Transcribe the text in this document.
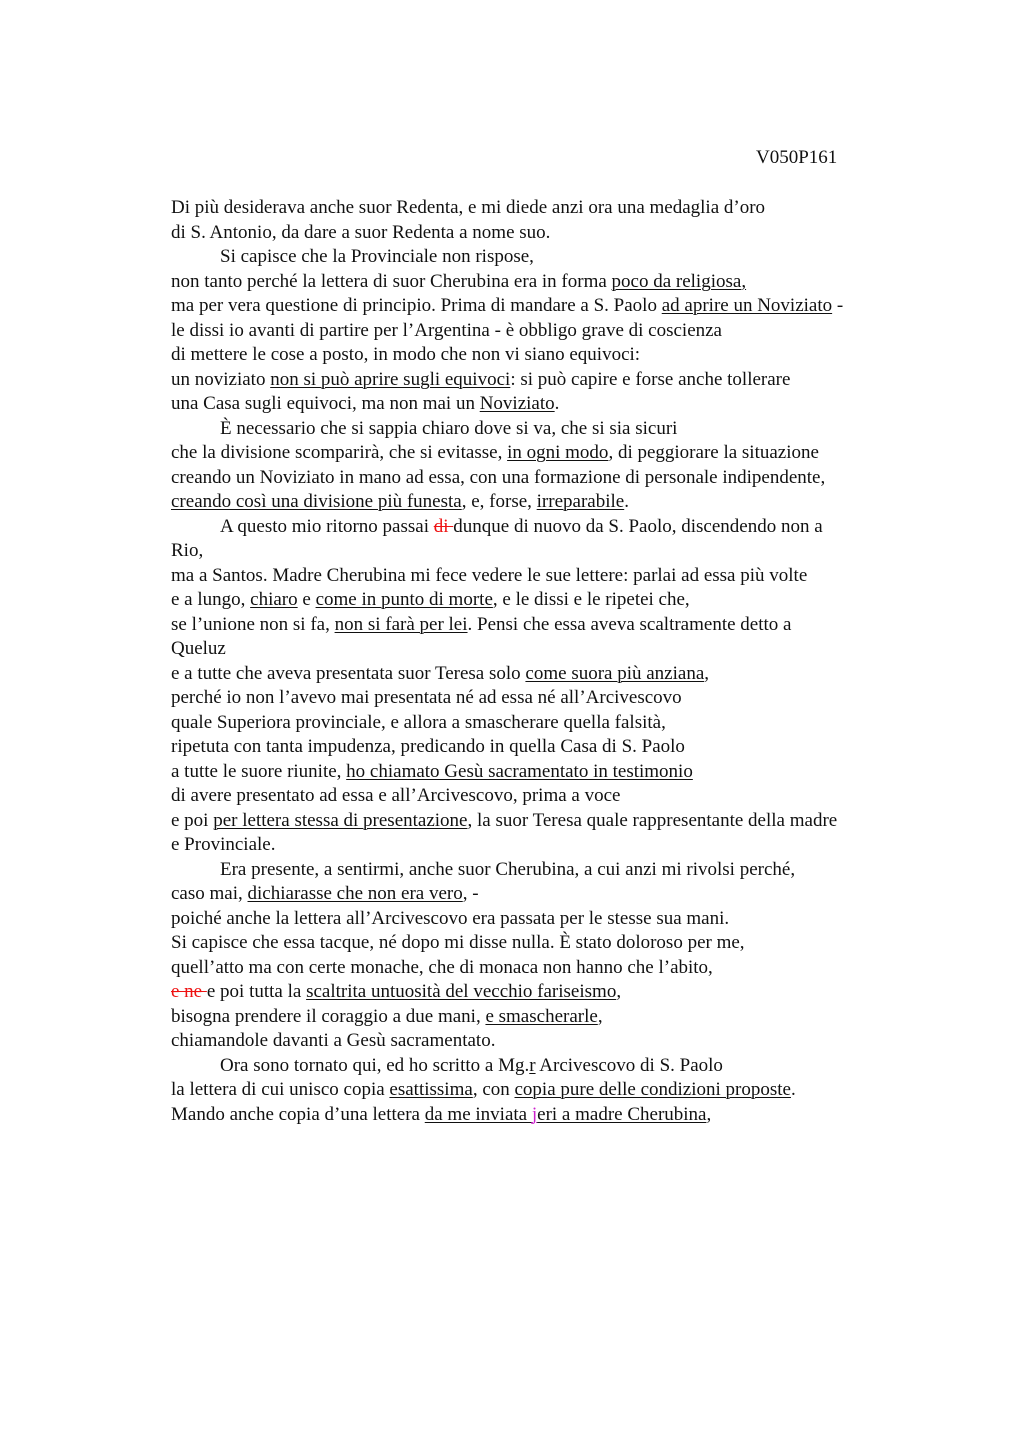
V050P161
Di più desiderava anche suor Redenta, e mi diede anzi ora una medaglia d’oro
di S. Antonio, da dare a suor Redenta a nome suo.
Si capisce che la Provinciale non rispose,
non tanto perché la lettera di suor Cherubina era in forma poco da religiosa,
ma per vera questione di principio. Prima di mandare a S. Paolo ad aprire un Noviziato -
le dissi io avanti di partire per l’Argentina - è obbligo grave di coscienza
di mettere le cose a posto, in modo che non vi siano equivoci:
un noviziato non si può aprire sugli equivoci: si può capire e forse anche tollerare
una Casa sugli equivoci, ma non mai un Noviziato.
È necessario che si sappia chiaro dove si va, che si sia sicuri
che la divisione scomparirà, che si evitasse, in ogni modo, di peggiorare la situazione
creando un Noviziato in mano ad essa, con una formazione di personale indipendente,
creando così una divisione più funesta, e, forse, irreparabile.
A questo mio ritorno passai di dunque di nuovo da S. Paolo, discendendo non a
Rio,
ma a Santos. Madre Cherubina mi fece vedere le sue lettere: parlai ad essa più volte
e a lungo, chiaro e come in punto di morte, e le dissi e le ripetei che,
se l’unione non si fa, non si farà per lei. Pensi che essa aveva scaltramente detto a
Queluz
e a tutte che aveva presentata suor Teresa solo come suora più anziana,
perché io non l’avevo mai presentata né ad essa né all’Arcivescovo
quale Superiora provinciale, e allora a smascherare quella falsità,
ripetuta con tanta impudenza, predicando in quella Casa di S. Paolo
a tutte le suore riunite, ho chiamato Gesù sacramentato in testimonio
di avere presentato ad essa e all’Arcivescovo, prima a voce
e poi per lettera stessa di presentazione, la suor Teresa quale rappresentante della madre
e Provinciale.
Era presente, a sentirmi, anche suor Cherubina, a cui anzi mi rivolsi perché,
caso mai, dichiarasse che non era vero, -
poiché anche la lettera all’Arcivescovo era passata per le stesse sua mani.
Si capisce che essa tacque, né dopo mi disse nulla. È stato doloroso per me,
quell’atto ma con certe monache, che di monaca non hanno che l’abito,
e ne e poi tutta la scaltrita untuosità del vecchio fariseismo,
bisogna prendere il coraggio a due mani, e smascherarle,
chiamandole davanti a Gesù sacramentato.
Ora sono tornato qui, ed ho scritto a Mg.r Arcivescovo di S. Paolo
la lettera di cui unisco copia esattissima, con copia pure delle condizioni proposte.
Mando anche copia d’una lettera da me inviata jeri a madre Cherubina,
